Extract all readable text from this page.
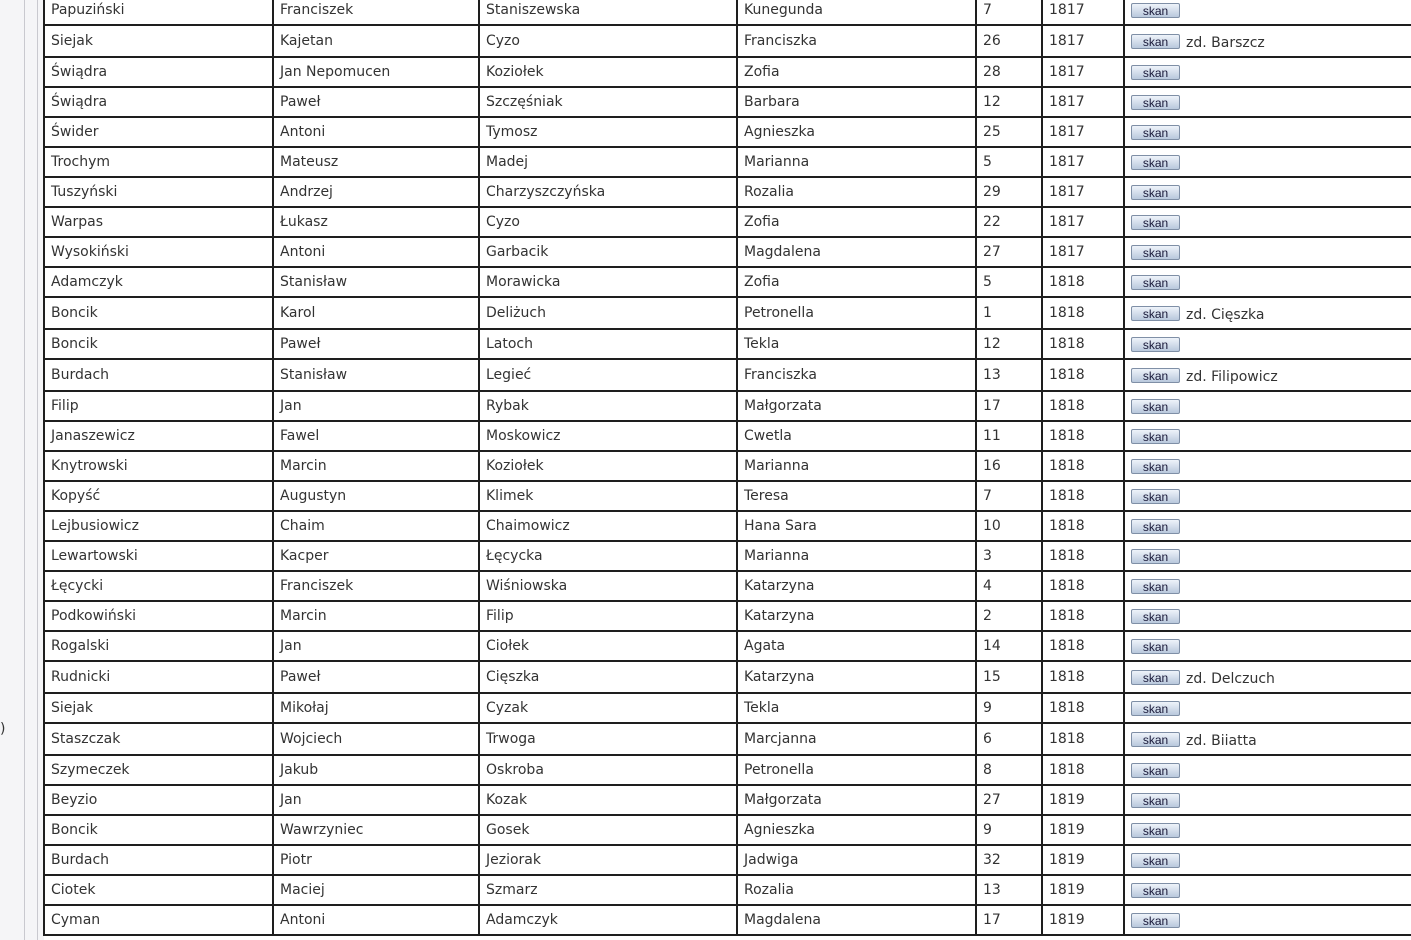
)
Papuziński	Franciszek	Staniszewska	Kunegunda	7	1817	skan

Siejak	Kajetan	Cyzo	Franciszka	26	1817	skan zd. Barszcz

Świądra	Jan Nepomucen	Koziołek	Zofia	28	1817	skan

Świądra	Paweł	Szczęśniak	Barbara	12	1817	skan

Świder	Antoni	Tymosz	Agnieszka	25	1817	skan

Trochym	Mateusz	Madej	Marianna	5	1817	skan

Tuszyński	Andrzej	Charzyszczyńska	Rozalia	29	1817	skan

Warpas	Łukasz	Cyzo	Zofia	22	1817	skan

Wysokiński	Antoni	Garbacik	Magdalena	27	1817	skan

Adamczyk	Stanisław	Morawicka	Zofia	5	1818	skan

Boncik	Karol	Deliżuch	Petronella	1	1818	skan zd. Cięszka

Boncik	Paweł	Latoch	Tekla	12	1818	skan

Burdach	Stanisław	Legieć	Franciszka	13	1818	skan zd. Filipowicz

Filip	Jan	Rybak	Małgorzata	17	1818	skan

Janaszewicz	Fawel	Moskowicz	Cwetla	11	1818	skan

Knytrowski	Marcin	Koziołek	Marianna	16	1818	skan

Kopyść	Augustyn	Klimek	Teresa	7	1818	skan

Lejbusiowicz	Chaim	Chaimowicz	Hana Sara	10	1818	skan

Lewartowski	Kacper	Łęcycka	Marianna	3	1818	skan

Łęcycki	Franciszek	Wiśniowska	Katarzyna	4	1818	skan

Podkowiński	Marcin	Filip	Katarzyna	2	1818	skan

Rogalski	Jan	Ciołek	Agata	14	1818	skan

Rudnicki	Paweł	Cięszka	Katarzyna	15	1818	skan zd. Delczuch

Siejak	Mikołaj	Cyzak	Tekla	9	1818	skan

Staszczak	Wojciech	Trwoga	Marcjanna	6	1818	skan zd. Biiatta

Szymeczek	Jakub	Oskroba	Petronella	8	1818	skan

Beyzio	Jan	Kozak	Małgorzata	27	1819	skan

Boncik	Wawrzyniec	Gosek	Agnieszka	9	1819	skan

Burdach	Piotr	Jeziorak	Jadwiga	32	1819	skan

Ciotek	Maciej	Szmarz	Rozalia	13	1819	skan

Cyman	Antoni	Adamczyk	Magdalena	17	1819	skan
